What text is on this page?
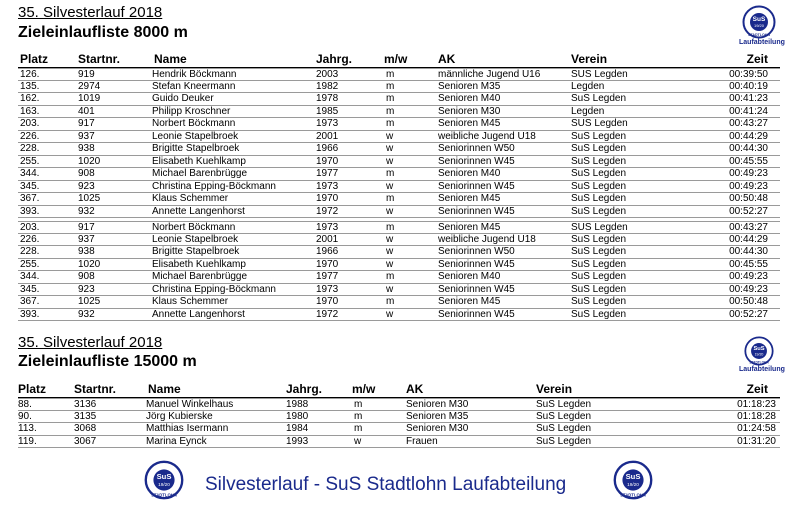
35. Silvesterlauf 2018
Zieleinlaufliste 8000 m
SuS
19/20
STADTLOHN
Laufabteilung
Platz Startnr.	Name	Jahrg.	m/w	AK	Verein	Zeit
126.	919	Hendrik Böckmann	2003	m	männliche Jugend U16	SUS Legden	00:39:50
135.	2974	Stefan Kneermann	1982	m	Senioren M35	Legden	00:40:19
162.	1019	Guido Deuker	1978	m	Senioren M40	SuS Legden	00:41:23
163.	401	Philipp Kroschner	1985	m	Senioren M30	Legden	00:41:24
203.	917	Norbert Böckmann	1973	m	Senioren M45	SUS Legden	00:43:27
226.	937	Leonie Stapelbroek	2001	w	weibliche Jugend U18	SuS Legden	00:44:29
228.	938	Brigitte Stapelbroek	1966	w	Seniorinnen W50	SuS Legden	00:44:30
255.	1020	Elisabeth Kuehlkamp	1970	w	Seniorinnen W45	SuS Legden	00:45:55
344.	908	Michael Barenbrügge	1977	m	Senioren M40	SuS Legden	00:49:23
345.	923	Christina Epping-Böckmann	1973	w	Seniorinnen W45	SuS Legden	00:49:23
367.	1025	Klaus Schemmer	1970	m	Senioren M45	SuS Legden	00:50:48
393.	932	Annette Langenhorst	1972	w	Seniorinnen W45	SuS Legden	00:52:27
203.	917	Norbert Böckmann	1973	m	Senioren M45	SUS Legden	00:43:27
226.	937	Leonie Stapelbroek	2001	w	weibliche Jugend U18	SuS Legden	00:44:29
228.	938	Brigitte Stapelbroek	1966	w	Seniorinnen W50	SuS Legden	00:44:30
255.	1020	Elisabeth Kuehlkamp	1970	w	Seniorinnen W45	SuS Legden	00:45:55
344.	908	Michael Barenbrügge	1977	m	Senioren M40	SuS Legden	00:49:23
345.	923	Christina Epping-Böckmann	1973	w	Seniorinnen W45	SuS Legden	00:49:23
367.	1025	Klaus Schemmer	1970	m	Senioren M45	SuS Legden	00:50:48
393.	932	Annette Langenhorst	1972	w	Seniorinnen W45	SuS Legden	00:52:27
35. Silvesterlauf 2018
Zieleinlaufliste 15000 m
SuS
19/20
STADTLOHN
Laufabteilung
Platz Startnr.	Name	Jahrg. m/w	AK	Verein	Zeit
88.	3136	Manuel Winkelhaus	1988	m	Senioren M30	SuS Legden	01:18:23
90.	3135	Jörg Kubierske	1980	m	Senioren M35	SuS Legden	01:18:28
113.	3068	Matthias Isermann	1984	m	Senioren M30	SuS Legden	01:24:58
119.	3067	Marina Eynck	1993	w	Frauen	SuS Legden	01:31:20
SuS
19/20
STADTLOHN Silvesterlauf - SuS Stadtlohn Laufabteilung	SuS
19/20
STADTLOHN
